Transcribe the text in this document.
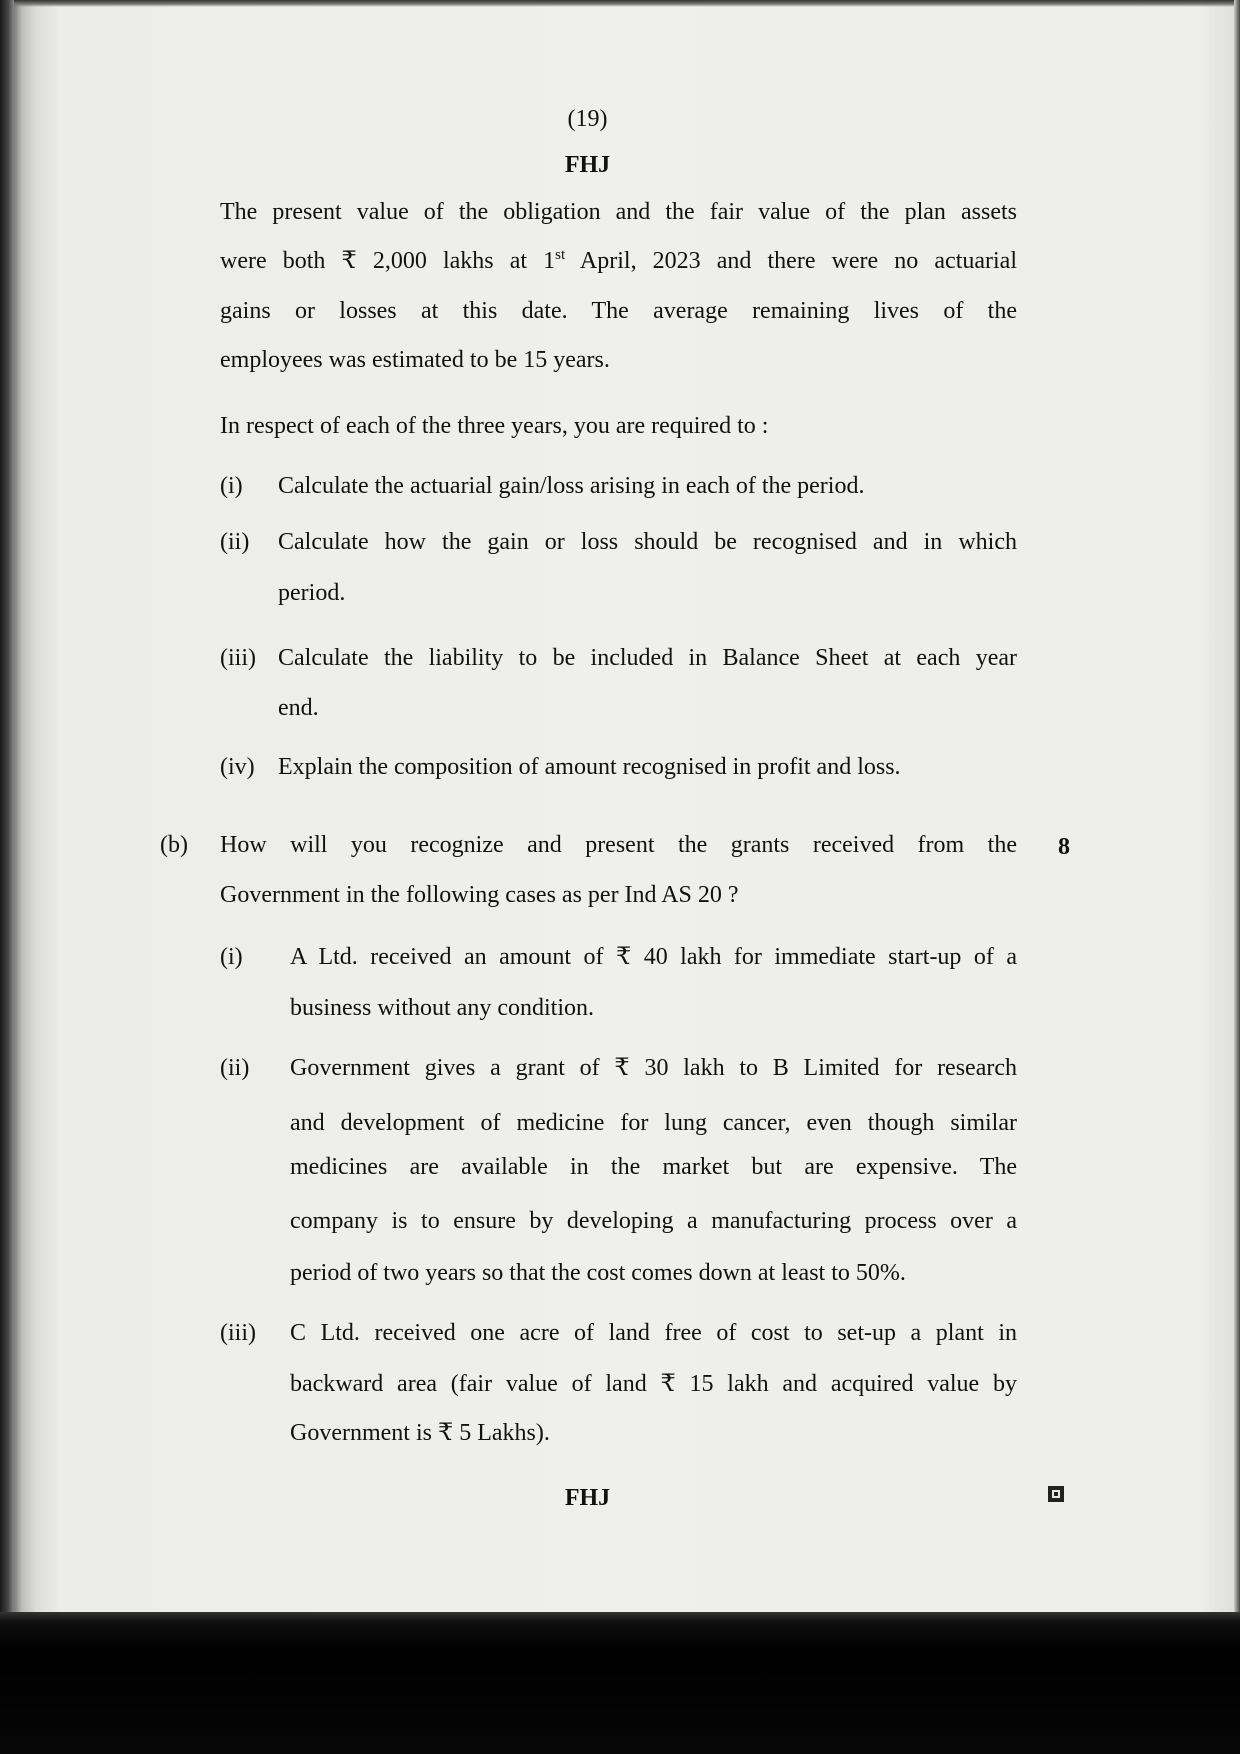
(19)
FHJ
The present value of the obligation and the fair value of the plan assets
were both ₹ 2,000 lakhs at 1st April, 2023 and there were no actuarial
gains or losses at this date. The average remaining lives of the
employees was estimated to be 15 years.
In respect of each of the three years, you are required to :
(i) Calculate the actuarial gain/loss arising in each of the period.
(ii) Calculate how the gain or loss should be recognised and in which
period.
(iii) Calculate the liability to be included in Balance Sheet at each year
end.
(iv) Explain the composition of amount recognised in profit and loss.
(b) How will you recognize and present the grants received from the
Government in the following cases as per Ind AS 20 ?
8
(i) A Ltd. received an amount of ₹ 40 lakh for immediate start-up of a
business without any condition.
(ii) Government gives a grant of ₹ 30 lakh to B Limited for research
and development of medicine for lung cancer, even though similar
medicines are available in the market but are expensive. The
company is to ensure by developing a manufacturing process over a
period of two years so that the cost comes down at least to 50%.
(iii) C Ltd. received one acre of land free of cost to set-up a plant in
backward area (fair value of land ₹ 15 lakh and acquired value by
Government is ₹ 5 Lakhs).
FHJ
